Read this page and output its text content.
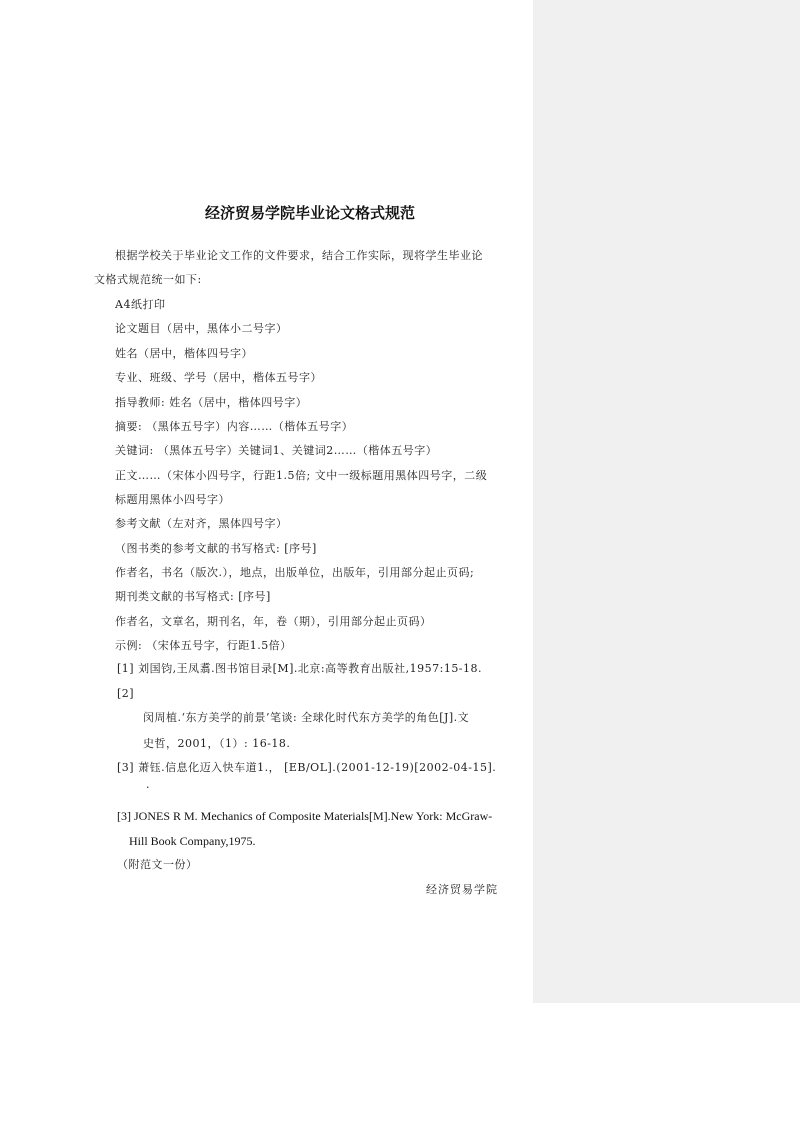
经济贸易学院毕业论文格式规范
根据学校关于毕业论文工作的文件要求，结合工作实际，现将学生毕业论
文格式规范统一如下:
A4纸打印
论文题目（居中，黑体小二号字）
姓名（居中，楷体四号字）
专业、班级、学号（居中，楷体五号字）
指导教师: 姓名（居中，楷体四号字）
摘要: （黑体五号字）内容……（楷体五号字）
关键词: （黑体五号字）关键词1、关键词2……（楷体五号字）
正文……（宋体小四号字，行距1.5倍; 文中一级标题用黑体四号字，二级
标题用黑体小四号字）
参考文献（左对齐，黑体四号字）
（图书类的参考文献的书写格式: [序号]
作者名，书名（版次.），地点，出版单位，出版年，引用部分起止页码;
期刊类文献的书写格式: [序号]
作者名，文章名，期刊名，年，卷（期），引用部分起止页码）
示例: （宋体五号字，行距1.5倍）
[1] 刘国钧,王凤翥.图书馆目录[M].北京:高等教育出版社,1957:15-18.
[2]
闵周植.‘东方美学的前景’笔谈: 全球化时代东方美学的角色[J].文
史哲，2001，（1）: 16-18.
[3] 萧钰.信息化迈入快车道1.， [EB/OL].(2001-12-19)[2002-04-15].
·
[3] JONES R M. Mechanics of Composite Materials[M].New York: McGraw-
Hill Book Company,1975.
（附范文一份）
经济贸易学院
